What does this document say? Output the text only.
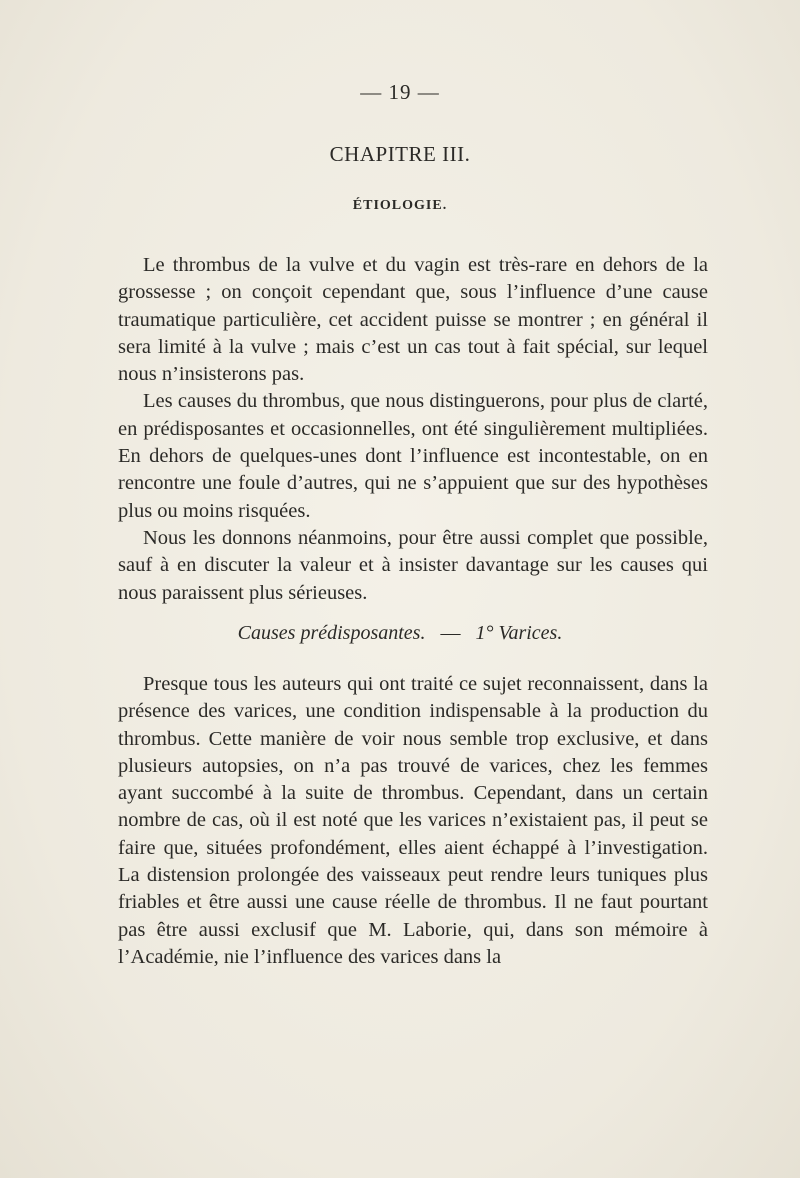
— 19 —
CHAPITRE III.
ÉTIOLOGIE.

Le thrombus de la vulve et du vagin est très-rare en dehors de la grossesse ; on conçoit cependant que, sous l’influence d’une cause traumatique particulière, cet accident puisse se montrer ; en général il sera limité à la vulve ; mais c’est un cas tout à fait spécial, sur lequel nous n’insisterons pas.

Les causes du thrombus, que nous distinguerons, pour plus de clarté, en prédisposantes et occasionnelles, ont été singulièrement multipliées. En dehors de quelques-unes dont l’influence est incontestable, on en rencontre une foule d’autres, qui ne s’appuient que sur des hypothèses plus ou moins risquées.

Nous les donnons néanmoins, pour être aussi complet que possible, sauf à en discuter la valeur et à insister davantage sur les causes qui nous paraissent plus sérieuses.

Causes prédisposantes. — 1° Varices.

Presque tous les auteurs qui ont traité ce sujet reconnaissent, dans la présence des varices, une condition indispensable à la production du thrombus. Cette manière de voir nous semble trop exclusive, et dans plusieurs autopsies, on n’a pas trouvé de varices, chez les femmes ayant succombé à la suite de thrombus. Cependant, dans un certain nombre de cas, où il est noté que les varices n’existaient pas, il peut se faire que, situées profondément, elles aient échappé à l’investigation. La distension prolongée des vaisseaux peut rendre leurs tuniques plus friables et être aussi une cause réelle de thrombus. Il ne faut pourtant pas être aussi exclusif que M. Laborie, qui, dans son mémoire à l’Académie, nie l’influence des varices dans la
